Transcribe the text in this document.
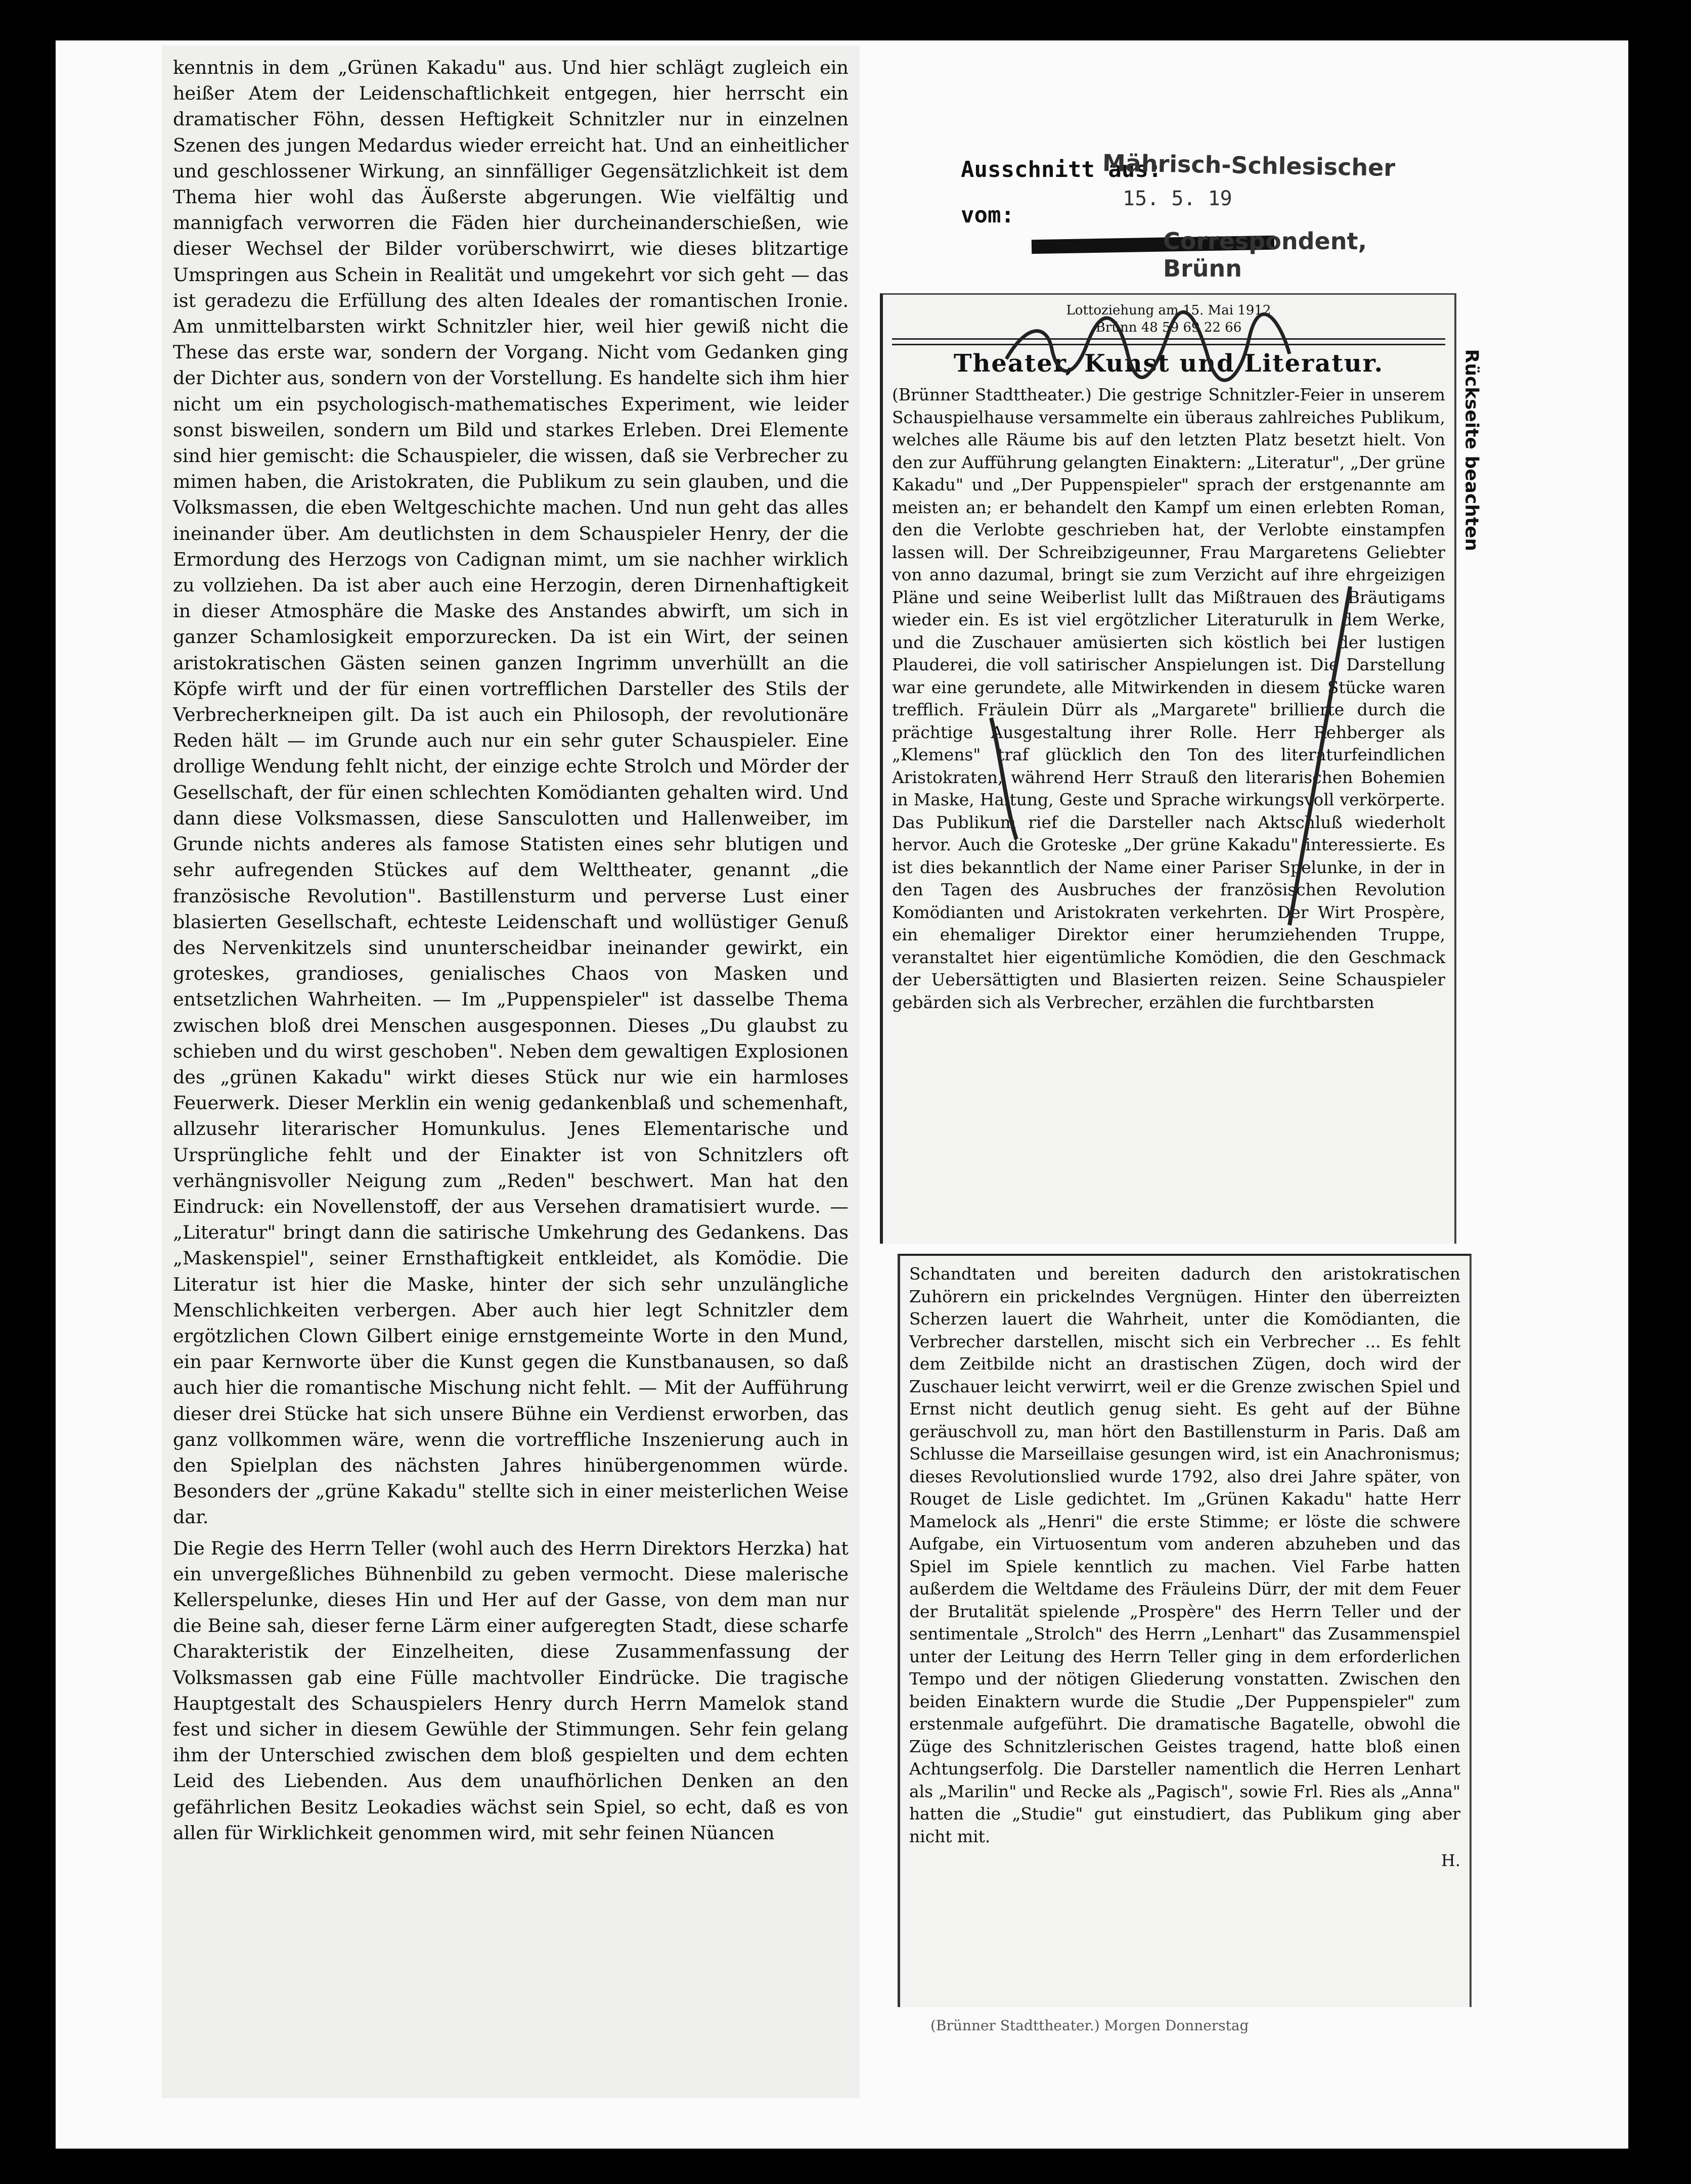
kenntnis in dem „Grünen Kakadu" aus. Und hier schlägt zugleich ein heißer Atem der Leidenschaftlichkeit entgegen, hier herrscht ein dramatischer Föhn, dessen Heftigkeit Schnitzler nur in einzelnen Szenen des jungen Medardus wieder erreicht hat. Und an einheitlicher und geschlossener Wirkung, an sinnfälliger Gegensätzlichkeit ist dem Thema hier wohl das Äußerste abgerungen. Wie vielfältig und mannigfach verworren die Fäden hier durcheinanderschießen, wie dieser Wechsel der Bilder vorüberschwirrt, wie dieses blitzartige Umspringen aus Schein in Realität und umgekehrt vor sich geht — das ist geradezu die Erfüllung des alten Ideales der romantischen Ironie. Am unmittelbarsten wirkt Schnitzler hier, weil hier gewiß nicht die These das erste war, sondern der Vorgang. Nicht vom Gedanken ging der Dichter aus, sondern von der Vorstellung. Es handelte sich ihm hier nicht um ein psychologisch-mathematisches Experiment, wie leider sonst bisweilen, sondern um Bild und starkes Erleben. Drei Elemente sind hier gemischt: die Schauspieler, die wissen, daß sie Verbrecher zu mimen haben, die Aristokraten, die Publikum zu sein glauben, und die Volksmassen, die eben Weltgeschichte machen. Und nun geht das alles ineinander über. Am deutlichsten in dem Schauspieler Henry, der die Ermordung des Herzogs von Cadignan mimt, um sie nachher wirklich zu vollziehen. Da ist aber auch eine Herzogin, deren Dirnenhaftigkeit in dieser Atmosphäre die Maske des Anstandes abwirft, um sich in ganzer Schamlosigkeit emporzurecken. Da ist ein Wirt, der seinen aristokratischen Gästen seinen ganzen Ingrimm unverhüllt an die Köpfe wirft und der für einen vortrefflichen Darsteller des Stils der Verbrecherkneipen gilt. Da ist auch ein Philosoph, der revolutionäre Reden hält — im Grunde auch nur ein sehr guter Schauspieler. Eine drollige Wendung fehlt nicht, der einzige echte Strolch und Mörder der Gesellschaft, der für einen schlechten Komödianten gehalten wird. Und dann diese Volksmassen, diese Sansculotten und Hallenweiber, im Grunde nichts anderes als famose Statisten eines sehr blutigen und sehr aufregenden Stückes auf dem Welttheater, genannt „die französische Revolution". Bastillensturm und perverse Lust einer blasierten Gesellschaft, echteste Leidenschaft und wollüstiger Genuß des Nervenkitzels sind ununterscheidbar ineinander gewirkt, ein groteskes, grandioses, genialisches Chaos von Masken und entsetzlichen Wahrheiten. — Im „Puppenspieler" ist dasselbe Thema zwischen bloß drei Menschen ausgesponnen. Dieses „Du glaubst zu schieben und du wirst geschoben". Neben dem gewaltigen Explosionen des „grünen Kakadu" wirkt dieses Stück nur wie ein harmloses Feuerwerk. Dieser Merklin ein wenig gedankenblaß und schemenhaft, allzusehr literarischer Homunkulus. Jenes Elementarische und Ursprüngliche fehlt und der Einakter ist von Schnitzlers oft verhängnisvoller Neigung zum „Reden" beschwert. Man hat den Eindruck: ein Novellenstoff, der aus Versehen dramatisiert wurde. — „Literatur" bringt dann die satirische Umkehrung des Gedankens. Das „Maskenspiel", seiner Ernsthaftigkeit entkleidet, als Komödie. Die Literatur ist hier die Maske, hinter der sich sehr unzulängliche Menschlichkeiten verbergen. Aber auch hier legt Schnitzler dem ergötzlichen Clown Gilbert einige ernstgemeinte Worte in den Mund, ein paar Kernworte über die Kunst gegen die Kunstbanausen, so daß auch hier die romantische Mischung nicht fehlt. — Mit der Aufführung dieser drei Stücke hat sich unsere Bühne ein Verdienst erworben, das ganz vollkommen wäre, wenn die vortreffliche Inszenierung auch in den Spielplan des nächsten Jahres hinübergenommen würde. Besonders der „grüne Kakadu" stellte sich in einer meisterlichen Weise dar.

Die Regie des Herrn Teller (wohl auch des Herrn Direktors Herzka) hat ein unvergeßliches Bühnenbild zu geben vermocht. Diese malerische Kellerspelunke, dieses Hin und Her auf der Gasse, von dem man nur die Beine sah, dieser ferne Lärm einer aufgeregten Stadt, diese scharfe Charakteristik der Einzelheiten, diese Zusammenfassung der Volksmassen gab eine Fülle machtvoller Eindrücke. Die tragische Hauptgestalt des Schauspielers Henry durch Herrn Mamelok stand fest und sicher in diesem Gewühle der Stimmungen. Sehr fein gelang ihm der Unterschied zwischen dem bloß gespielten und dem echten Leid des Liebenden. Aus dem unaufhörlichen Denken an den gefährlichen Besitz Leokadies wächst sein Spiel, so echt, daß es von allen für Wirklichkeit genommen wird, mit sehr feinen Nüancen

Ausschnitt aus:
vom:
Mährisch-Schlesischer
15. 5. 19
Correspondent, Brünn
Lottoziehung am 15. Mai 1912
Brünn 48 59 69 22 66
Theater, Kunst und Literatur.

(Brünner Stadttheater.) Die gestrige Schnitzler-Feier in unserem Schauspielhause versammelte ein überaus zahlreiches Publikum, welches alle Räume bis auf den letzten Platz besetzt hielt. Von den zur Aufführung gelangten Einaktern: „Literatur", „Der grüne Kakadu" und „Der Puppenspieler" sprach der erstgenannte am meisten an; er behandelt den Kampf um einen erlebten Roman, den die Verlobte geschrieben hat, der Verlobte einstampfen lassen will. Der Schreibzigeunner, Frau Margaretens Geliebter von anno dazumal, bringt sie zum Verzicht auf ihre ehrgeizigen Pläne und seine Weiberlist lullt das Mißtrauen des Bräutigams wieder ein. Es ist viel ergötzlicher Literaturulk in dem Werke, und die Zuschauer amüsierten sich köstlich bei der lustigen Plauderei, die voll satirischer Anspielungen ist. Die Darstellung war eine gerundete, alle Mitwirkenden in diesem Stücke waren trefflich. Fräulein Dürr als „Margarete" brillierte durch die prächtige Ausgestaltung ihrer Rolle. Herr Rehberger als „Klemens" traf glücklich den Ton des literaturfeindlichen Aristokraten, während Herr Strauß den literarischen Bohemien in Maske, Haltung, Geste und Sprache wirkungsvoll verkörperte. Das Publikum rief die Darsteller nach Aktschluß wiederholt hervor. Auch die Groteske „Der grüne Kakadu" interessierte. Es ist dies bekanntlich der Name einer Pariser Spelunke, in der in den Tagen des Ausbruches der französischen Revolution Komödianten und Aristokraten verkehrten. Der Wirt Prospère, ein ehemaliger Direktor einer herumziehenden Truppe, veranstaltet hier eigentümliche Komödien, die den Geschmack der Uebersättigten und Blasierten reizen. Seine Schauspieler gebärden sich als Verbrecher, erzählen die furchtbarsten

Rückseite beachten

Schandtaten und bereiten dadurch den aristokratischen Zuhörern ein prickelndes Vergnügen. Hinter den überreizten Scherzen lauert die Wahrheit, unter die Komödianten, die Verbrecher darstellen, mischt sich ein Verbrecher ... Es fehlt dem Zeitbilde nicht an drastischen Zügen, doch wird der Zuschauer leicht verwirrt, weil er die Grenze zwischen Spiel und Ernst nicht deutlich genug sieht. Es geht auf der Bühne geräuschvoll zu, man hört den Bastillensturm in Paris. Daß am Schlusse die Marseillaise gesungen wird, ist ein Anachronismus; dieses Revolutionslied wurde 1792, also drei Jahre später, von Rouget de Lisle gedichtet. Im „Grünen Kakadu" hatte Herr Mamelock als „Henri" die erste Stimme; er löste die schwere Aufgabe, ein Virtuosentum vom anderen abzuheben und das Spiel im Spiele kenntlich zu machen. Viel Farbe hatten außerdem die Weltdame des Fräuleins Dürr, der mit dem Feuer der Brutalität spielende „Prospère" des Herrn Teller und der sentimentale „Strolch" des Herrn „Lenhart" das Zusammenspiel unter der Leitung des Herrn Teller ging in dem erforderlichen Tempo und der nötigen Gliederung vonstatten. Zwischen den beiden Einaktern wurde die Studie „Der Puppenspieler" zum erstenmale aufgeführt. Die dramatische Bagatelle, obwohl die Züge des Schnitzlerischen Geistes tragend, hatte bloß einen Achtungserfolg. Die Darsteller namentlich die Herren Lenhart als „Marilin" und Recke als „Pagisch", sowie Frl. Ries als „Anna" hatten die „Studie" gut einstudiert, das Publikum ging aber nicht mit.

H.
(Brünner Stadttheater.) Morgen Donnerstag
